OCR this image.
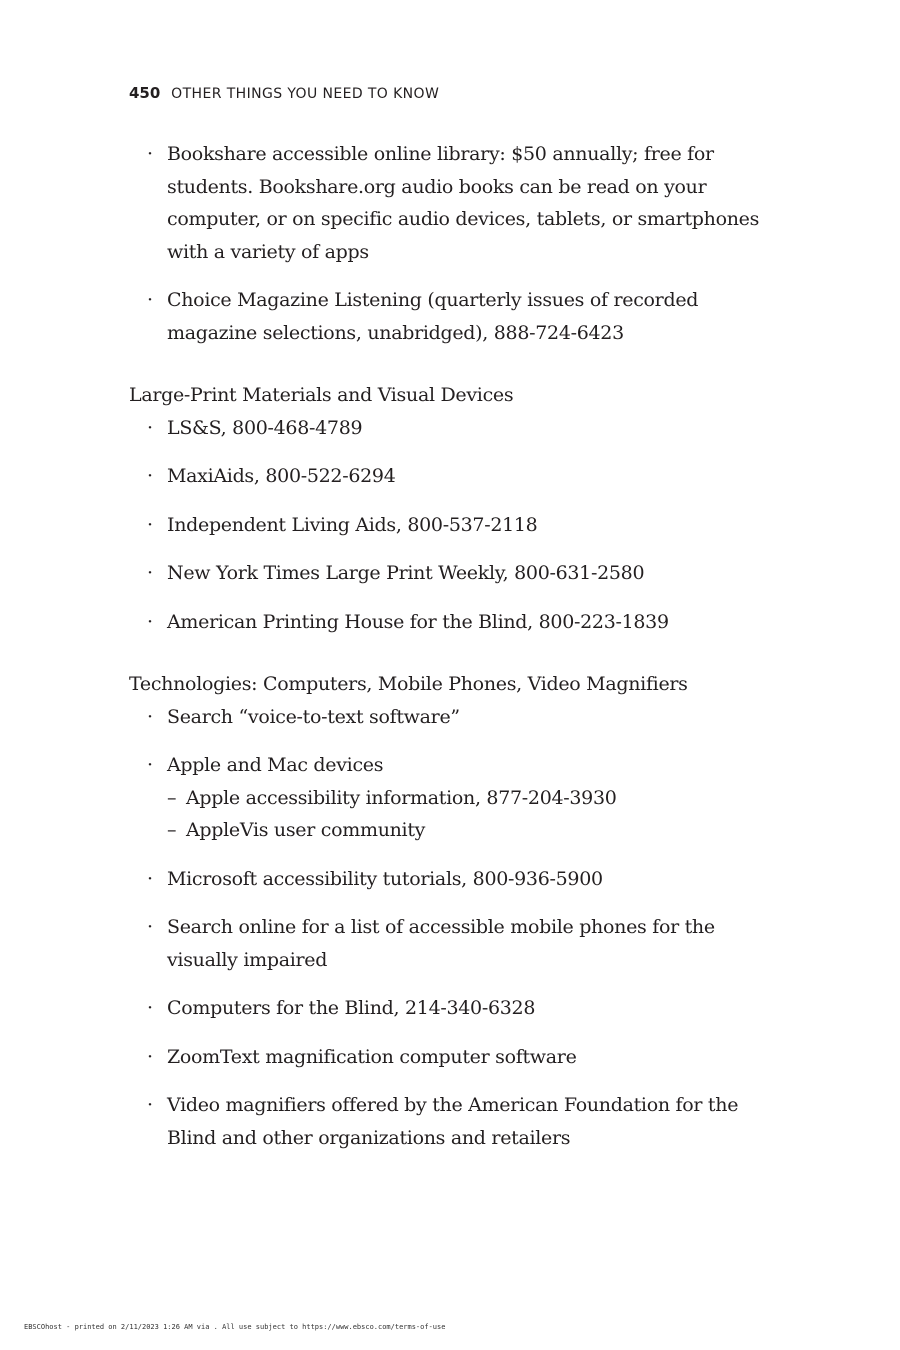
450 OTHER THINGS YOU NEED TO KNOW
· Bookshare accessible online library: $50 annually; free for students. Bookshare.org audio books can be read on your computer, or on specific audio devices, tablets, or smartphones with a variety of apps
· Choice Magazine Listening (quarterly issues of recorded magazine selections, unabridged), 888-724-6423

Large-Print Materials and Visual Devices

· LS&S, 800-468-4789
· MaxiAids, 800-522-6294
· Independent Living Aids, 800-537-2118
· New York Times Large Print Weekly, 800-631-2580
· American Printing House for the Blind, 800-223-1839

Technologies: Computers, Mobile Phones, Video Magnifiers

· Search “voice-to-text software”
· Apple and Mac devices
– Apple accessibility information, 877-204-3930
– AppleVis user community
· Microsoft accessibility tutorials, 800-936-5900
· Search online for a list of accessible mobile phones for the visually impaired
· Computers for the Blind, 214-340-6328
· ZoomText magnification computer software
· Video magnifiers offered by the American Foundation for the Blind and other organizations and retailers
EBSCOhost - printed on 2/11/2023 1:26 AM via . All use subject to https://www.ebsco.com/terms-of-use
